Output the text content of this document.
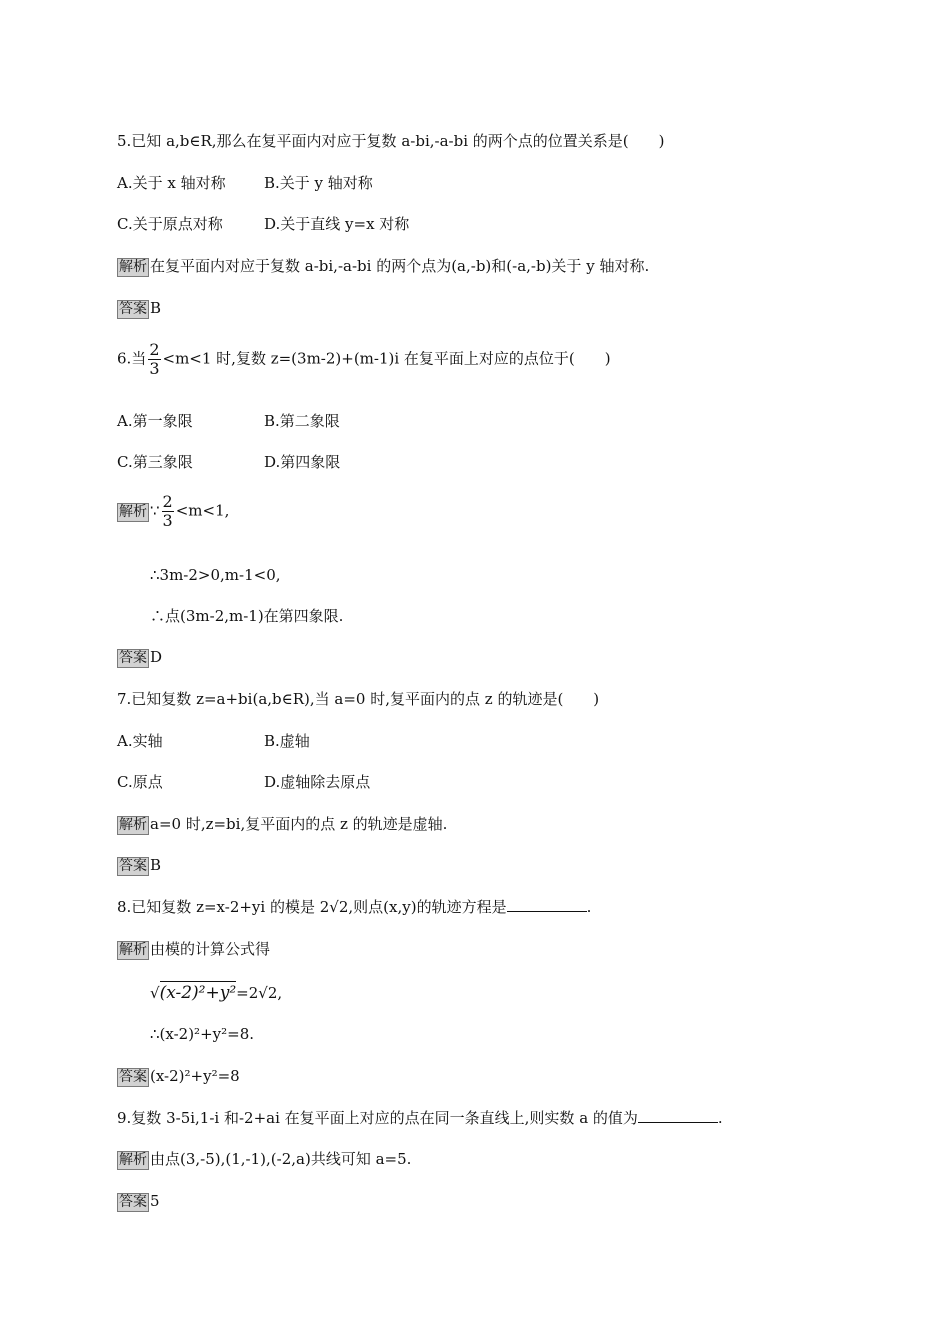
5.已知 a,b∈R,那么在复平面内对应于复数 a-bi,-a-bi 的两个点的位置关系是(　　)
A.关于 x 轴对称	B.关于 y 轴对称
C.关于原点对称	D.关于直线 y=x 对称
解析 在复平面内对应于复数 a-bi,-a-bi 的两个点为(a,-b)和(-a,-b)关于 y 轴对称.
答案 B
6.当 $\frac{2}{3} <m<1$ 时,复数 z=(3m-2)+(m-1)i 在复平面上对应的点位于(　　)
A.第一象限	B.第二象限
C.第三象限	D.第四象限
解析 ∵ $\frac{2}{3} <m<1$,
∴3m-2>0,m-1<0,
∴点(3m-2,m-1)在第四象限.
答案 D
7.已知复数 z=a+bi(a,b∈R),当 a=0 时,复平面内的点 z 的轨迹是(　　)
A.实轴	B.虚轴
C.原点	D.虚轴除去原点
解析 a=0 时,z=bi,复平面内的点 z 的轨迹是虚轴.
答案 B
8.已知复数 z=x-2+yi 的模是 2√2,则点(x,y)的轨迹方程是	.
解析 由模的计算公式得
√(x-2)²+y²=2√2,
∴(x-2)²+y²=8.
答案 (x-2)²+y²=8
9.复数 3-5i,1-i 和-2+ai 在复平面上对应的点在同一条直线上,则实数 a 的值为	.
解析 由点(3,-5),(1,-1),(-2,a)共线可知 a=5.
答案 5
